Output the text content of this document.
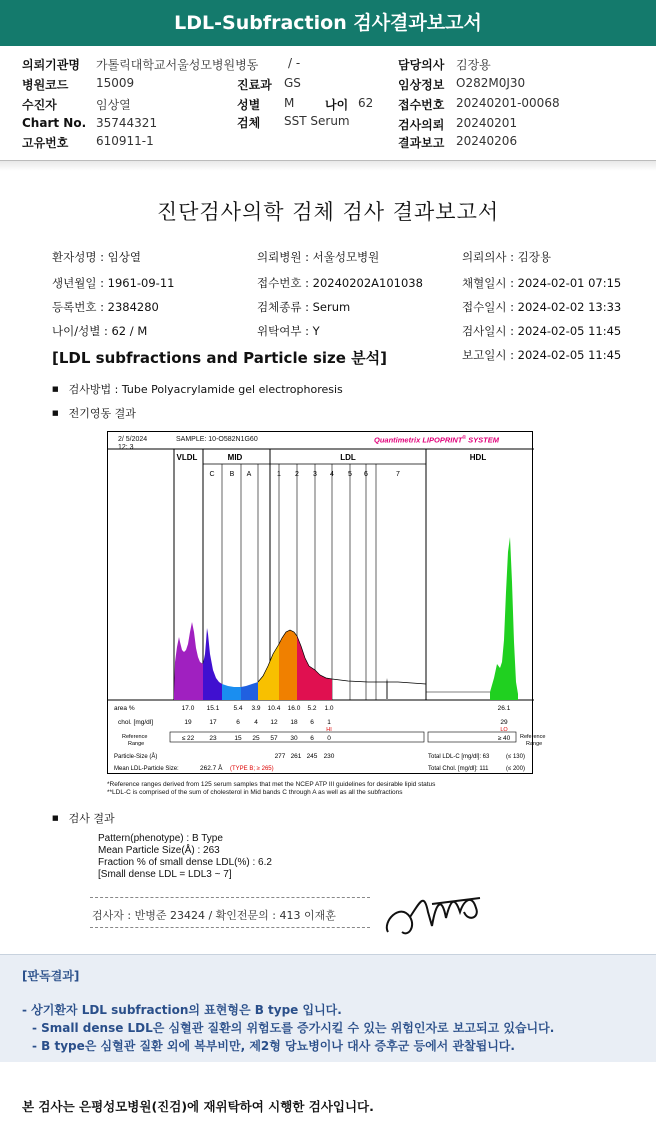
LDL-Subfraction 검사결과보고서
의뢰기관명 가톨릭대학교서울성모병원병동 / -
병원코드 15009
수진자	임상열
Chart No. 35744321
고유번호 610911-1
진료과 GS
성별 M	나이 62
검체 SST Serum
담당의사 김장용
임상정보 O282M0J30
접수번호 20240201-00068
검사의뢰 20240201
결과보고 20240206
진단검사의학 검체 검사 결과보고서
환자성명 : 임상열	의뢰병원 : 서울성모병원	의뢰의사 : 김장용
생년월일 : 1961-09-11	접수번호 : 20240202A101038	채혈일시 : 2024-02-01 07:15
등록번호 : 2384280	검체종류 : Serum	접수일시 : 2024-02-02 13:33
나이/성별 : 62 / M	위탁여부 : Y	검사일시 : 2024-02-05 11:45
보고일시 : 2024-02-05 11:45
[LDL subfractions and Particle size 분석]
■ 검사방법 : Tube Polyacrylamide gel electrophoresis
■ 전기영동 결과
2/ 5/2024
12: 3
SAMPLE: 10-O582N1G60	Quantimetrix LIPOPRINT® SYSTEM
VLDL	MID	LDL	HDL
C B A	1 2 3 4 5 6	7
area %	17.0 15.1 5.4 3.9 10.4 16.0 5.2 1.0	26.1
chol. [mg/dl]	19	17	6 4 12 18 6 1	29
HI	LO
Reference
Range
Reference
Range
≤ 22 23	15 25 57 30 6 0	≥ 40
Particle-Size (Å)	277 261 245 230
Mean LDL-Particle Size:	262.7 Å (TYPE B; ≥ 265)
Total LDL-C [mg/dl]: 63	(≤ 130)
Total Chol. [mg/dl]: 111	(≤ 200)
*Reference ranges derived from 125 serum samples that met the NCEP ATP III guidelines for desirable lipid status
**LDL-C is comprised of the sum of cholesterol in Mid bands C through A as well as all the subfractions
■ 검사 결과
Pattern(phenotype) : B Type
Mean Particle Size(Å) : 263
Fraction % of small dense LDL(%) : 6.2
[Small dense LDL = LDL3 ~ 7]
검사자 : 반병준 23424 / 확인전문의 : 413 이재훈
[판독결과]
- 상기환자 LDL subfraction의 표현형은 B type 입니다.
- Small dense LDL은 심혈관 질환의 위험도를 증가시킬 수 있는 위험인자로 보고되고 있습니다.
- B type은 심혈관 질환 외에 복부비만, 제2형 당뇨병이나 대사 증후군 등에서 관찰됩니다.
본 검사는 은평성모병원(진검)에 재위탁하여 시행한 검사입니다.
